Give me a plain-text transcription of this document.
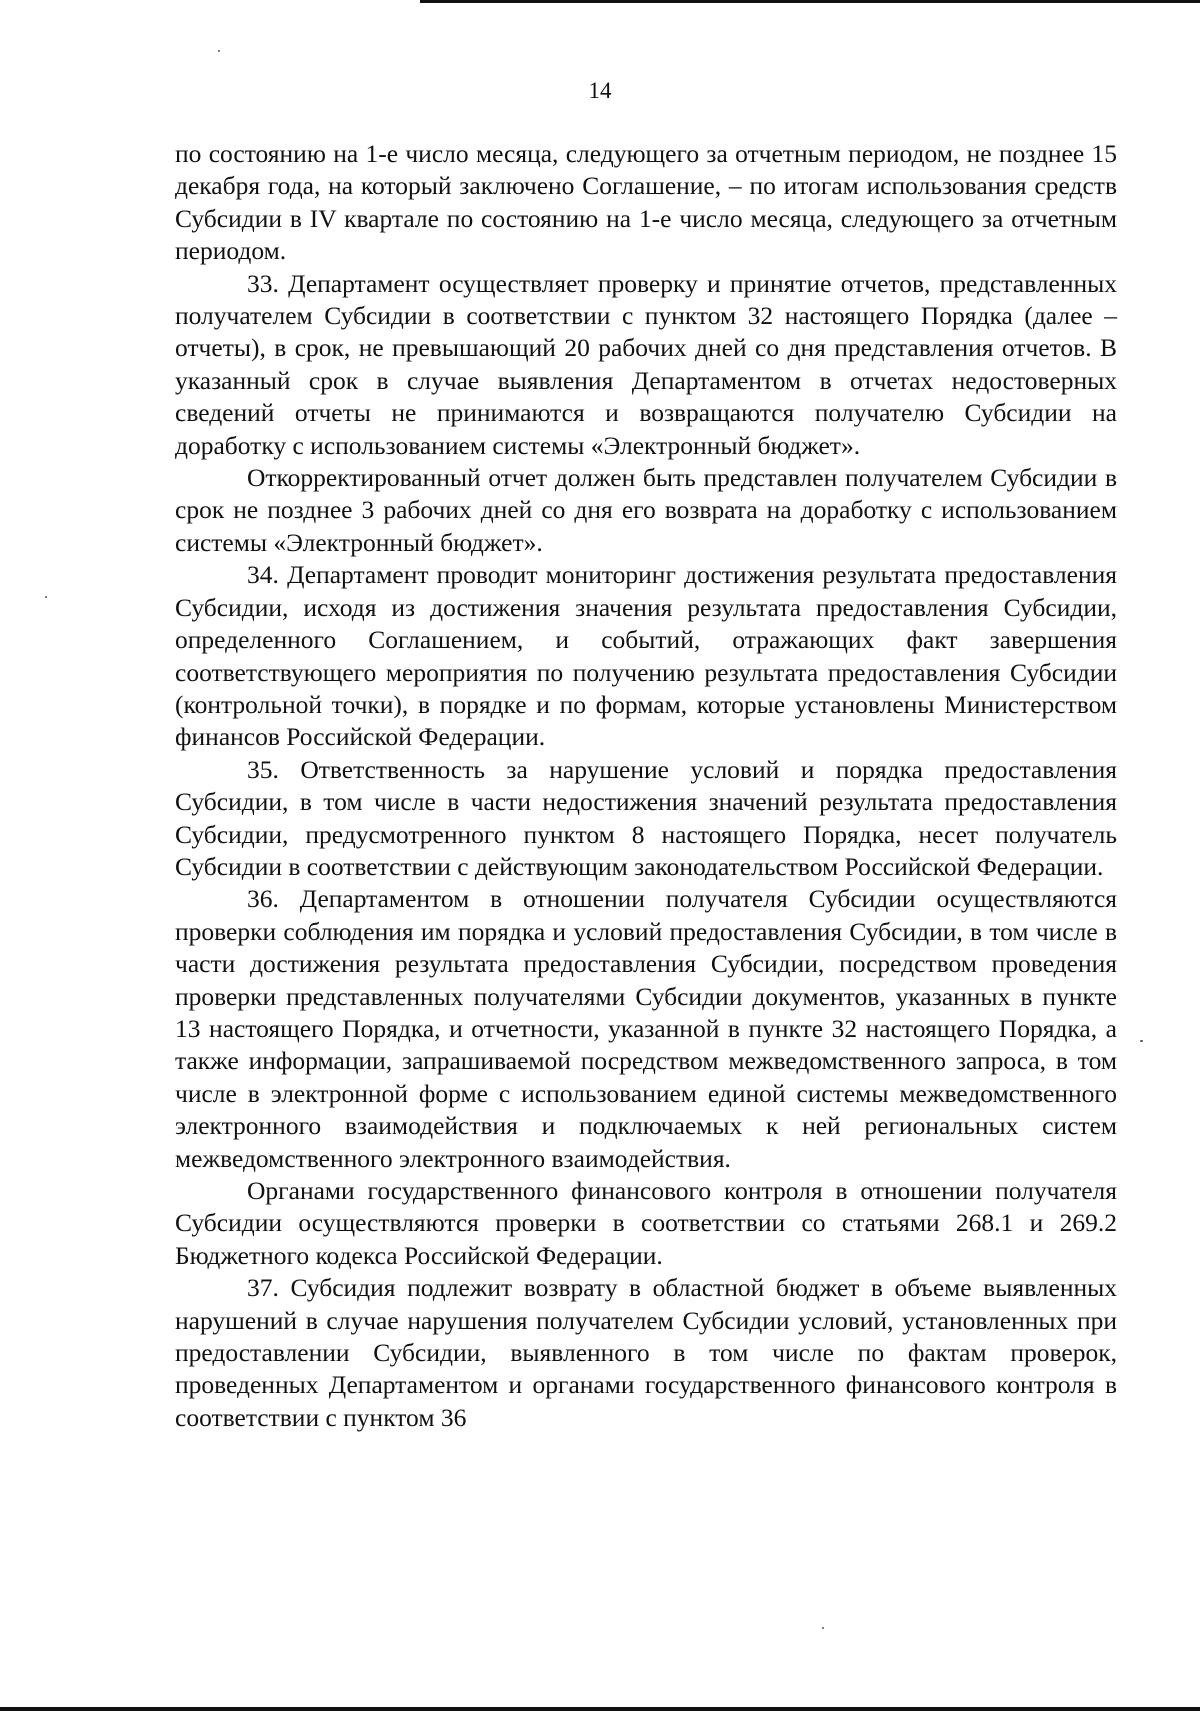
14

по состоянию на 1-е число месяца, следующего за отчетным периодом, не позднее 15 декабря года, на который заключено Соглашение, – по итогам использования средств Субсидии в IV квартале по состоянию на 1-е число месяца, следующего за отчетным периодом.

33. Департамент осуществляет проверку и принятие отчетов, представленных получателем Субсидии в соответствии с пунктом 32 настоящего Порядка (далее – отчеты), в срок, не превышающий 20 рабочих дней со дня представления отчетов. В указанный срок в случае выявления Департаментом в отчетах недостоверных сведений отчеты не принимаются и возвращаются получателю Субсидии на доработку с использованием системы «Электронный бюджет».

Откорректированный отчет должен быть представлен получателем Субсидии в срок не позднее 3 рабочих дней со дня его возврата на доработку с использованием системы «Электронный бюджет».

34. Департамент проводит мониторинг достижения результата предоставления Субсидии, исходя из достижения значения результата предоставления Субсидии, определенного Соглашением, и событий, отражающих факт завершения соответствующего мероприятия по получению результата предоставления Субсидии (контрольной точки), в порядке и по формам, которые установлены Министерством финансов Российской Федерации.

35. Ответственность за нарушение условий и порядка предоставления Субсидии, в том числе в части недостижения значений результата предоставления Субсидии, предусмотренного пунктом 8 настоящего Порядка, несет получатель Субсидии в соответствии с действующим законодательством Российской Федерации.

36. Департаментом в отношении получателя Субсидии осуществляются проверки соблюдения им порядка и условий предоставления Субсидии, в том числе в части достижения результата предоставления Субсидии, посредством проведения проверки представленных получателями Субсидии документов, указанных в пункте 13 настоящего Порядка, и отчетности, указанной в пункте 32 настоящего Порядка, а также информации, запрашиваемой посредством межведомственного запроса, в том числе в электронной форме с использованием единой системы межведомственного электронного взаимодействия и подключаемых к ней региональных систем межведомственного электронного взаимодействия.

Органами государственного финансового контроля в отношении получателя Субсидии осуществляются проверки в соответствии со статьями 268.1 и 269.2 Бюджетного кодекса Российской Федерации.

37. Субсидия подлежит возврату в областной бюджет в объеме выявленных нарушений в случае нарушения получателем Субсидии условий, установленных при предоставлении Субсидии, выявленного в том числе по фактам проверок, проведенных Департаментом и органами государственного финансового контроля в соответствии с пунктом 36
